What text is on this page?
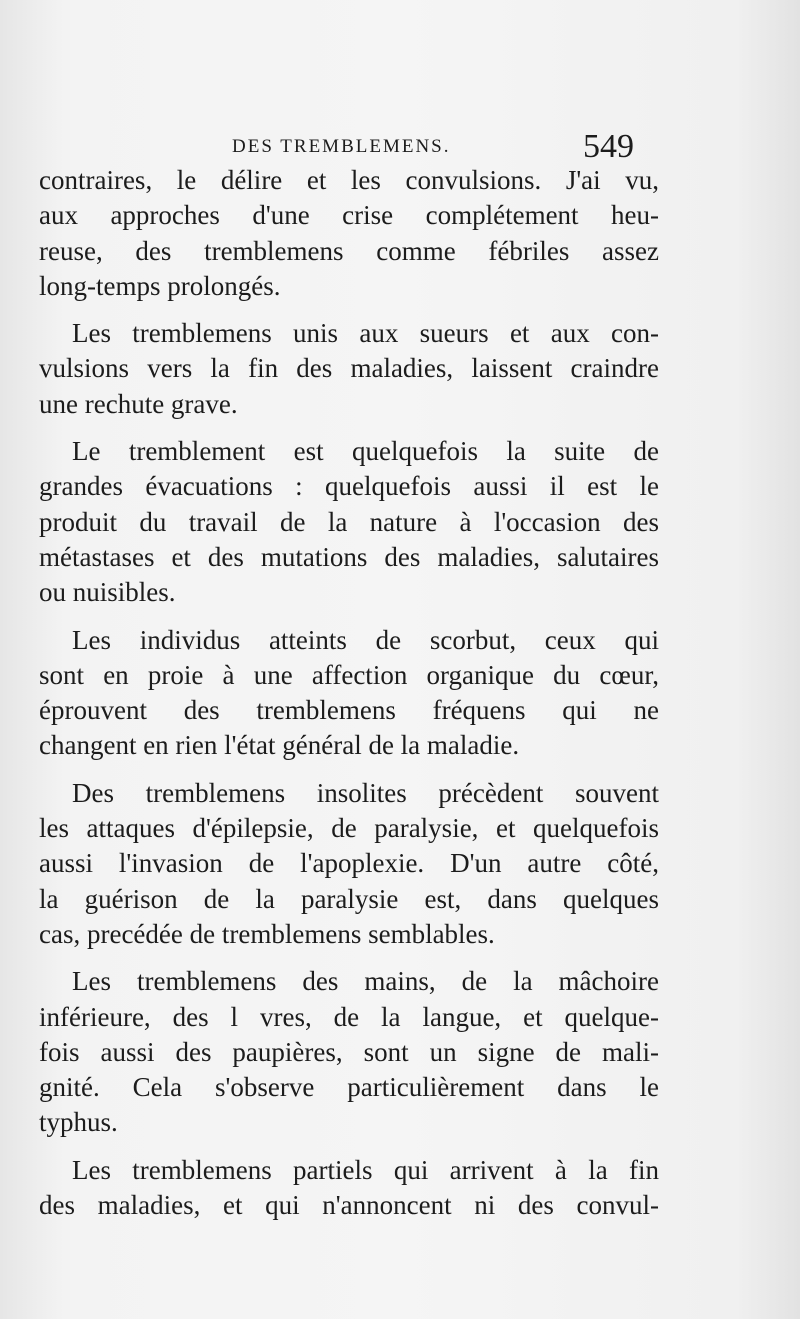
DES TREMBLEMENS.	549
contraires, le délire et les convulsions. J'ai vu,
aux approches d'une crise complétement heu-
reuse, des tremblemens comme fébriles assez
long-temps prolongés.
Les tremblemens unis aux sueurs et aux con-
vulsions vers la fin des maladies, laissent craindre
une rechute grave.
Le tremblement est quelquefois la suite de
grandes évacuations : quelquefois aussi il est le
produit du travail de la nature à l'occasion des
métastases et des mutations des maladies, salutaires
ou nuisibles.
Les individus atteints de scorbut, ceux qui
sont en proie à une affection organique du cœur,
éprouvent des tremblemens fréquens qui ne
changent en rien l'état général de la maladie.
Des tremblemens insolites précèdent souvent
les attaques d'épilepsie, de paralysie, et quelquefois
aussi l'invasion de l'apoplexie. D'un autre côté,
la guérison de la paralysie est, dans quelques
cas, precédée de tremblemens semblables.
Les tremblemens des mains, de la mâchoire
inférieure, des l vres, de la langue, et quelque-
fois aussi des paupières, sont un signe de mali-
gnité. Cela s'observe particulièrement dans le
typhus.
Les tremblemens partiels qui arrivent à la fin
des maladies, et qui n'annoncent ni des convul-
